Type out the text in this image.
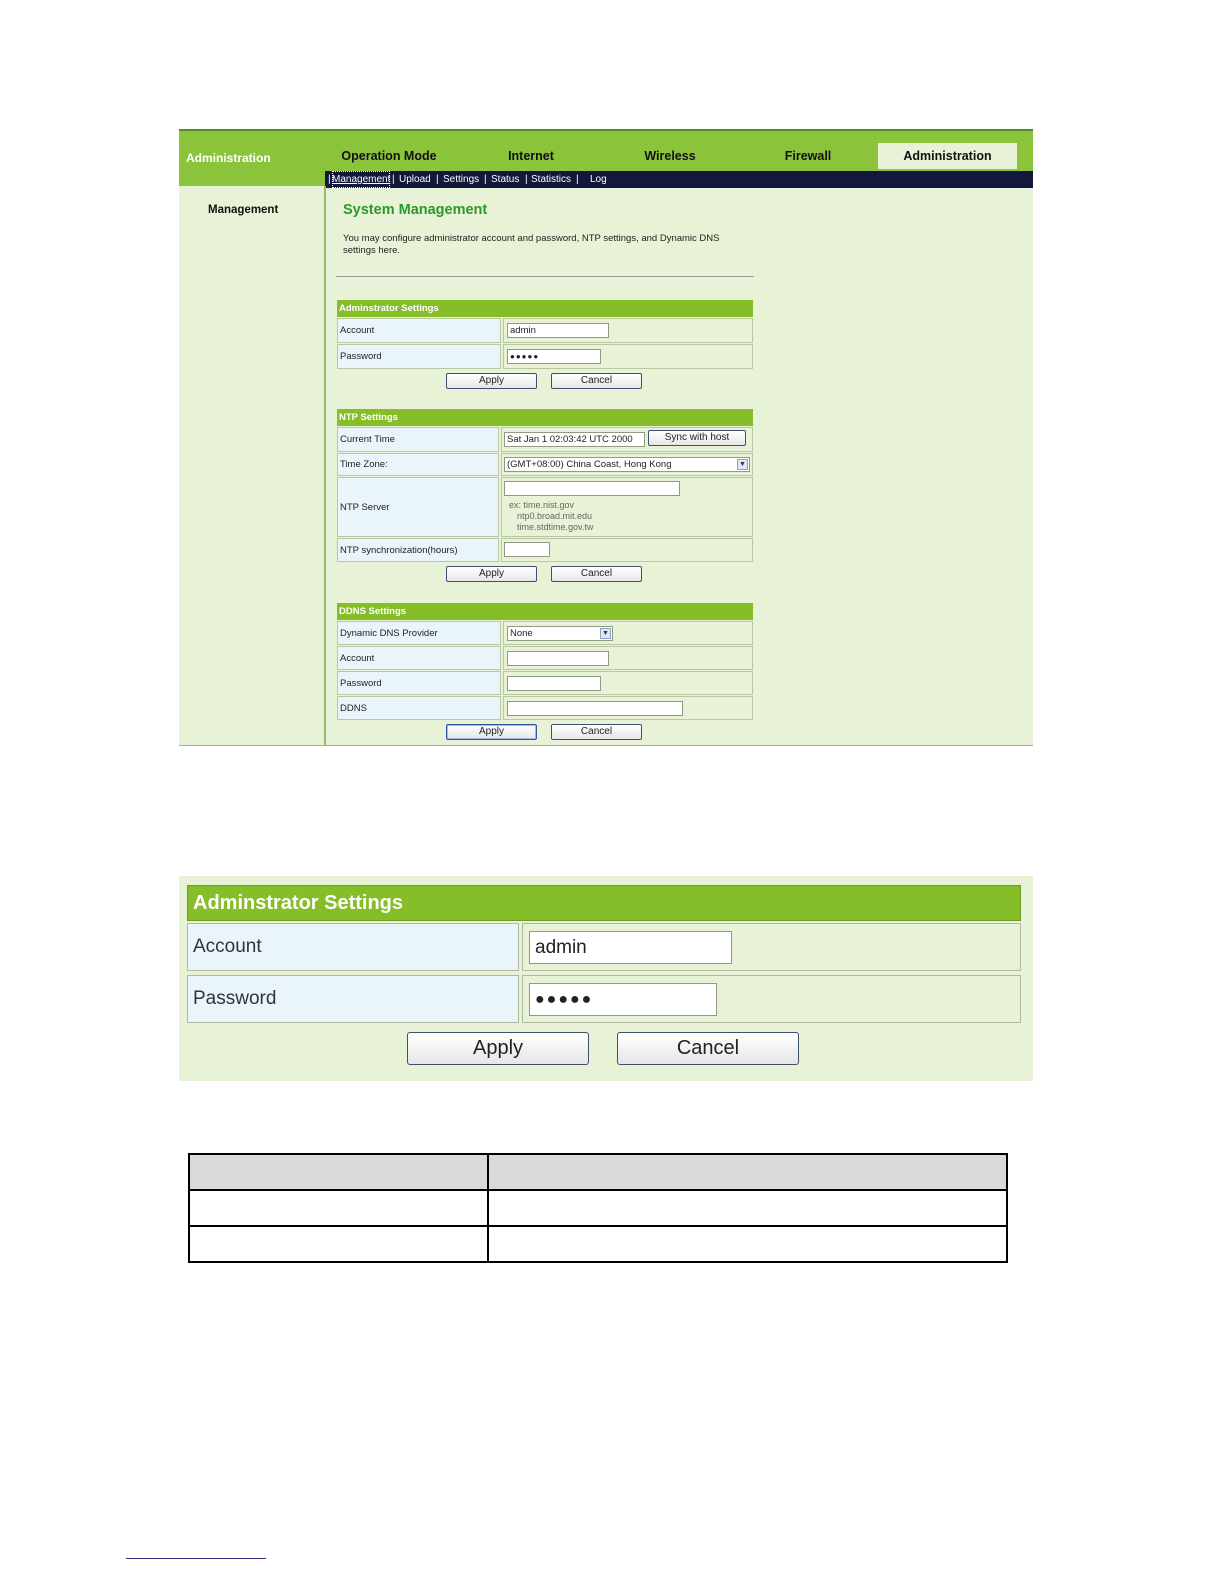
Administration	Operation Mode	Internet	Wireless	Firewall	Administration
| Management | Upload | Settings | Status | Statistics | Log
Management	System Management
You may configure administrator account and password, NTP settings, and Dynamic DNS settings here.
Adminstrator Settings
Account	admin
Password	●●●●●
Apply	Cancel
NTP Settings
Current Time	Sat Jan 1 02:03:42 UTC 2000	Sync with host
Time Zone:	(GMT+08:00) China Coast, Hong Kong	▼
NTP Server	ex: time.nist.gov
ntp0.broad.mit.edu
time.stdtime.gov.tw
NTP synchronization(hours)
Apply	Cancel
DDNS Settings
Dynamic DNS Provider	None	▼
Account
Password
DDNS
Apply	Cancel
Adminstrator Settings
Account	admin
Password	●●●●●
Apply	Cancel
